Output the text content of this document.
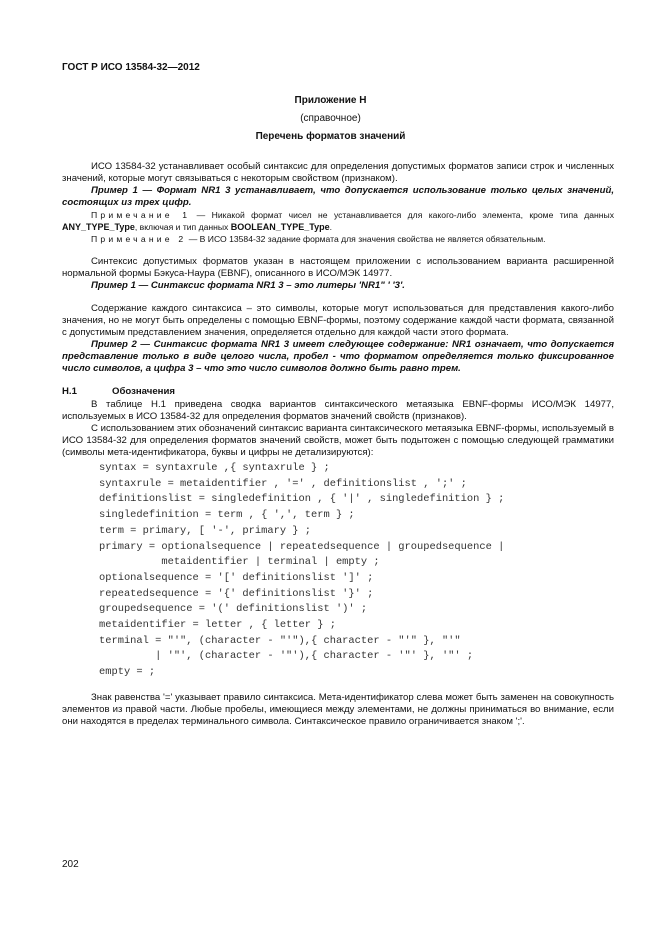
ГОСТ Р ИСО 13584-32—2012
Приложение Н
(справочное)
Перечень форматов значений

ИСО 13584-32 устанавливает особый синтаксис для определения допустимых форматов записи строк и численных значений, которые могут связываться с некоторым свойством (признаком).

Пример 1 — Формат NR1 3 устанавливает, что допускается использование только целых значений, состоящих из трех цифр.

Примечание 1 — Никакой формат чисел не устанавливается для какого-либо элемента, кроме типа данных ANY_TYPE_Type, включая и тип данных BOOLEAN_TYPE_Type.

Примечание 2 — В ИСО 13584-32 задание формата для значения свойства не является обязательным.

Синтексис допустимых форматов указан в настоящем приложении с использованием варианта расширенной нормальной формы Бэкуса-Наура (EBNF), описанного в ИСО/МЭК 14977.

Пример 1 — Синтаксис формата NR1 3 – это литеры 'NR1" ' '3'.

Содержание каждого синтаксиса – это символы, которые могут использоваться для представления какого-либо значения, но не могут быть определены с помощью EBNF-формы, поэтому содержание каждой части формата, связанной с допустимым представлением значения, определяется отдельно для каждой части этого формата.

Пример 2 — Синтаксис формата NR1 3 имеет следующее содержание: NR1 означает, что допускается представление только в виде целого числа, пробел - что форматом определяется только фиксированное число символов, а цифра 3 – что это число символов должно быть равно трем.

Н.1	Обозначения

В таблице Н.1 приведена сводка вариантов синтаксического метаязыка EBNF-формы ИСО/МЭК 14977, используемых в ИСО 13584-32 для определения форматов значений свойств (признаков).

С использованием этих обозначений синтаксис варианта синтаксического метаязыка EBNF-формы, используемый в ИСО 13584-32 для определения форматов значений свойств, может быть подытожен с помощью следующей грамматики (символы мета-идентификатора, буквы и цифры не детализируются):

syntax = syntaxrule ,{ syntaxrule } ;
syntaxrule = metaidentifier , '=' , definitionslist , ';' ;
definitionslist = singledefinition , { '|' , singledefinition } ;
singledefinition = term , { ',', term } ;
term = primary, [ '-', primary } ;
primary = optionalsequence | repeatedsequence | groupedsequence |
metaidentifier | terminal | empty ;
optionalsequence = '[' definitionslist ']' ;
repeatedsequence = '{' definitionslist '}' ;
groupedsequence = '(' definitionslist ')' ;
metaidentifier = letter , { letter } ;
terminal = "'", (character - "'"),{ character - "'" }, "'"
| '"', (character - '"'),{ character - '"' }, '"' ;
empty = ;

Знак равенства '=' указывает правило синтаксиса. Мета-идентификатор слева может быть заменен на совокупность элементов из правой части. Любые пробелы, имеющиеся между элементами, не должны приниматься во внимание, если они находятся в пределах терминального символа. Синтаксическое правило ограничивается знаком ';'.

202
